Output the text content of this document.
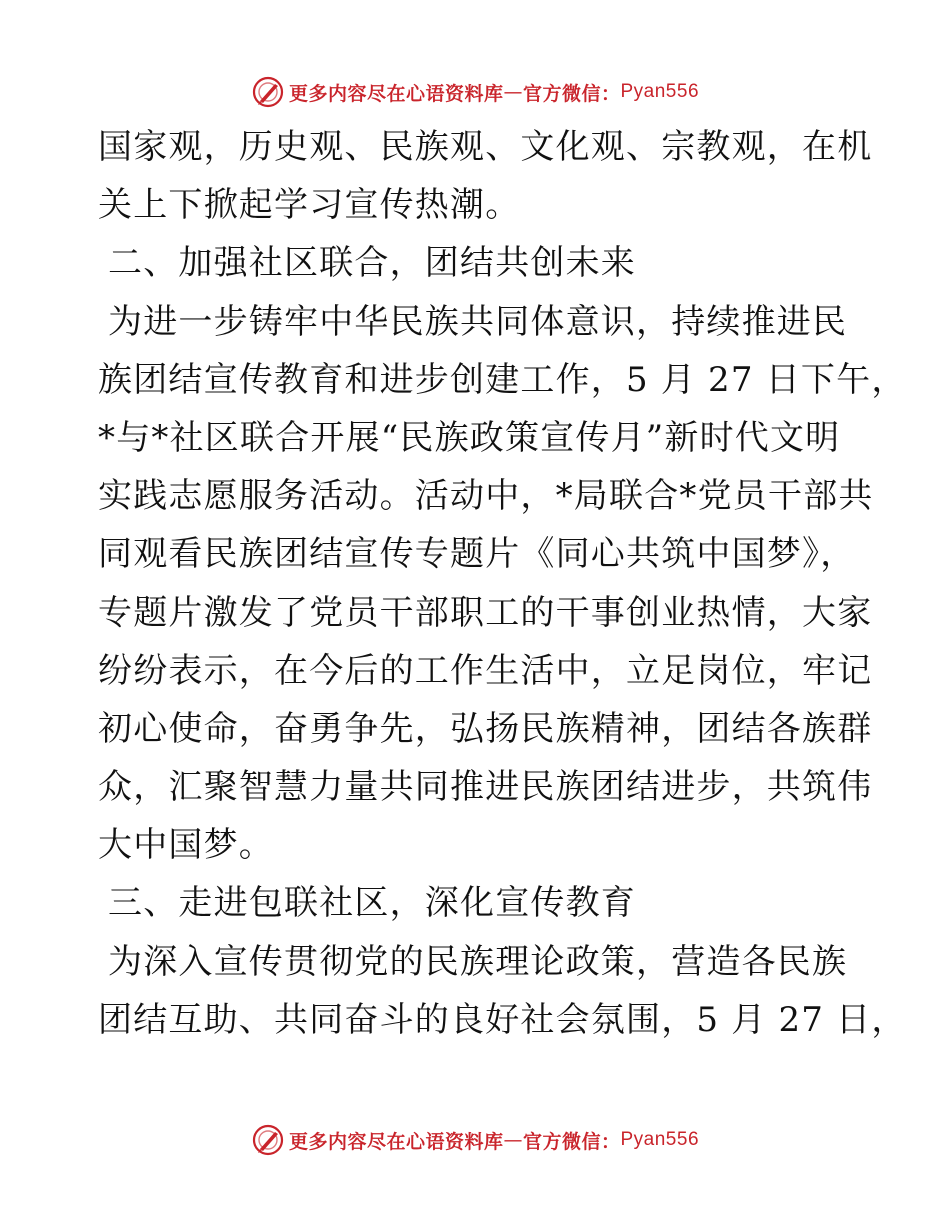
更多内容尽在心语资料库 — 官方微信： Pyan556
国家观，历史观、民族观、文化观、宗教观，在机
关上下掀起学习宣传热潮。
二、加强社区联合，团结共创未来
为进一步铸牢中华民族共同体意识，持续推进民
族团结宣传教育和进步创建工作，5 月 27 日下午，
*与*社区联合开展“民族政策宣传月”新时代文明
实践志愿服务活动。活动中，*局联合*党员干部共
同观看民族团结宣传专题片《同心共筑中国梦》，
专题片激发了党员干部职工的干事创业热情，大家
纷纷表示，在今后的工作生活中，立足岗位，牢记
初心使命，奋勇争先，弘扬民族精神，团结各族群
众，汇聚智慧力量共同推进民族团结进步，共筑伟
大中国梦。
三、走进包联社区，深化宣传教育
为深入宣传贯彻党的民族理论政策，营造各民族
团结互助、共同奋斗的良好社会氛围，5 月 27 日，
更多内容尽在心语资料库 — 官方微信： Pyan556
